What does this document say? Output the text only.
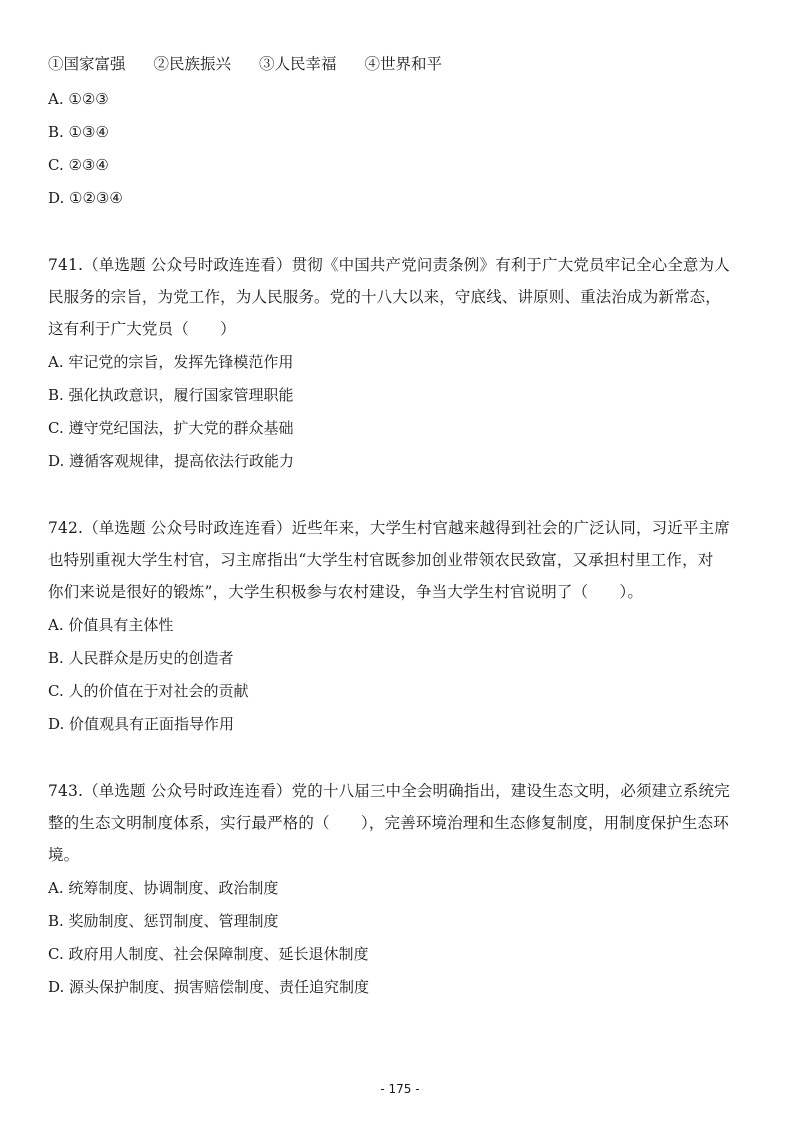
①国家富强 ②民族振兴 ③人民幸福 ④世界和平
A. ①②③
B. ①③④
C. ②③④
D. ①②③④
741.（单选题 公众号时政连连看）贯彻《中国共产党问责条例》有利于广大党员牢记全心全意为人
民服务的宗旨，为党工作，为人民服务。党的十八大以来，守底线、讲原则、重法治成为新常态，
这有利于广大党员（　　）
A. 牢记党的宗旨，发挥先锋模范作用
B. 强化执政意识，履行国家管理职能
C. 遵守党纪国法，扩大党的群众基础
D. 遵循客观规律，提高依法行政能力
742.（单选题 公众号时政连连看）近些年来，大学生村官越来越得到社会的广泛认同，习近平主席
也特别重视大学生村官，习主席指出“大学生村官既参加创业带领农民致富，又承担村里工作，对
你们来说是很好的锻炼”，大学生积极参与农村建设，争当大学生村官说明了（　　）。
A. 价值具有主体性
B. 人民群众是历史的创造者
C. 人的价值在于对社会的贡献
D. 价值观具有正面指导作用
743.（单选题 公众号时政连连看）党的十八届三中全会明确指出，建设生态文明，必须建立系统完
整的生态文明制度体系，实行最严格的（　　），完善环境治理和生态修复制度，用制度保护生态环
境。
A. 统筹制度、协调制度、政治制度
B. 奖励制度、惩罚制度、管理制度
C. 政府用人制度、社会保障制度、延长退休制度
D. 源头保护制度、损害赔偿制度、责任追究制度
- 175 -
